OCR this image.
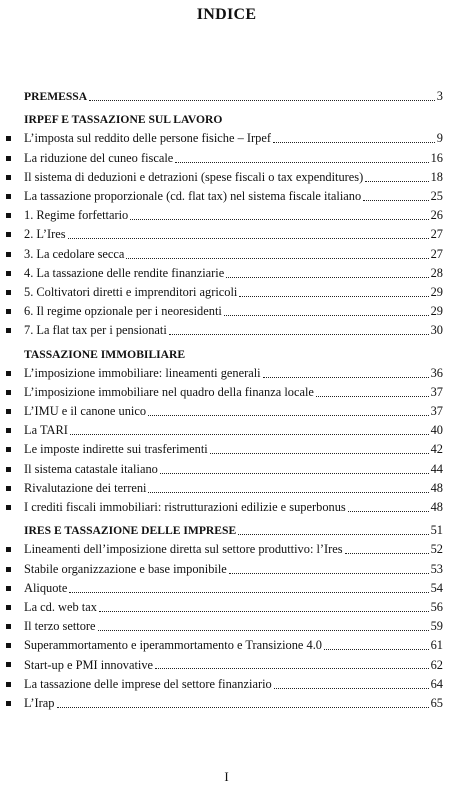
INDICE
PREMESSA	3
IRPEF E TASSAZIONE SUL LAVORO
L’imposta sul reddito delle persone fisiche – Irpef	9
La riduzione del cuneo fiscale	16
Il sistema di deduzioni e detrazioni (spese fiscali o tax expenditures)	18
La tassazione proporzionale (cd. flat tax) nel sistema fiscale italiano	25
1. Regime forfettario	26
2. L’Ires	27
3. La cedolare secca	27
4. La tassazione delle rendite finanziarie	28
5. Coltivatori diretti e imprenditori agricoli	29
6. Il regime opzionale per i neoresidenti	29
7. La flat tax per i pensionati	30
TASSAZIONE IMMOBILIARE
L’imposizione immobiliare: lineamenti generali	36
L’imposizione immobiliare nel quadro della finanza locale	37
L’IMU e il canone unico	37
La TARI	40
Le imposte indirette sui trasferimenti	42
Il sistema catastale italiano	44
Rivalutazione dei terreni	48
I crediti fiscali immobiliari: ristrutturazioni edilizie e superbonus	48
IRES E TASSAZIONE DELLE IMPRESE	51
Lineamenti dell’imposizione diretta sul settore produttivo: l’Ires	52
Stabile organizzazione e base imponibile	53
Aliquote	54
La cd. web tax	56
Il terzo settore	59
Superammortamento e iperammortamento e Transizione 4.0	61
Start-up e PMI innovative	62
La tassazione delle imprese del settore finanziario	64
L’Irap	65
I
